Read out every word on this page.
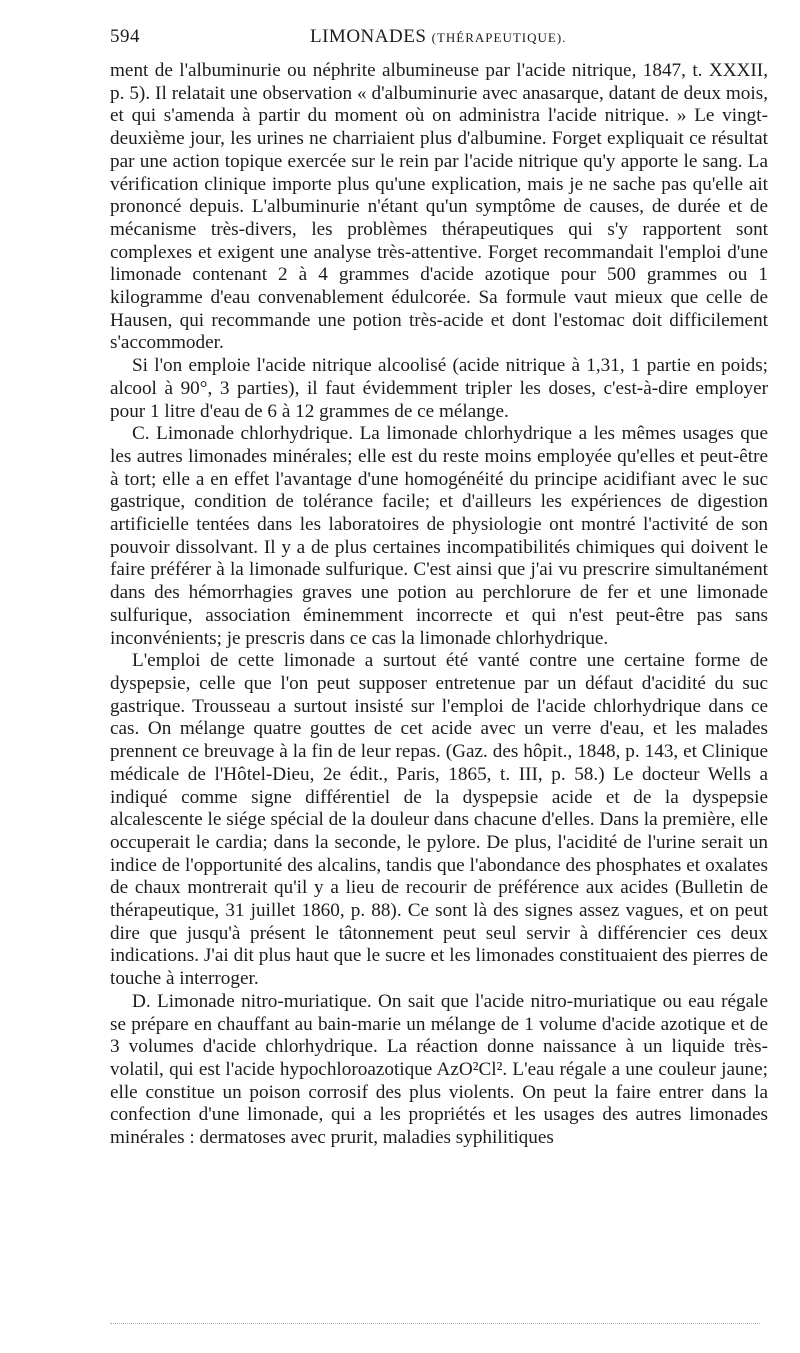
594	LIMONADES (THÉRAPEUTIQUE).

ment de l'albuminurie ou néphrite albumineuse par l'acide nitrique, 1847, t. XXXII, p. 5). Il relatait une observation « d'albuminurie avec anasarque, datant de deux mois, et qui s'amenda à partir du moment où on administra l'acide nitrique. » Le vingt-deuxième jour, les urines ne charriaient plus d'albumine. Forget expliquait ce résultat par une action topique exercée sur le rein par l'acide nitrique qu'y apporte le sang. La vérification clinique importe plus qu'une explication, mais je ne sache pas qu'elle ait prononcé depuis. L'albuminurie n'étant qu'un symptôme de causes, de durée et de mécanisme très-divers, les problèmes thérapeutiques qui s'y rapportent sont complexes et exigent une analyse très-attentive. Forget recommandait l'emploi d'une limonade contenant 2 à 4 grammes d'acide azotique pour 500 grammes ou 1 kilogramme d'eau convenablement édulcorée. Sa formule vaut mieux que celle de Hausen, qui recommande une potion très-acide et dont l'estomac doit difficilement s'accommoder.

Si l'on emploie l'acide nitrique alcoolisé (acide nitrique à 1,31, 1 partie en poids; alcool à 90°, 3 parties), il faut évidemment tripler les doses, c'est-à-dire employer pour 1 litre d'eau de 6 à 12 grammes de ce mélange.

C. Limonade chlorhydrique. La limonade chlorhydrique a les mêmes usages que les autres limonades minérales; elle est du reste moins employée qu'elles et peut-être à tort; elle a en effet l'avantage d'une homogénéité du principe acidifiant avec le suc gastrique, condition de tolérance facile; et d'ailleurs les expériences de digestion artificielle tentées dans les laboratoires de physiologie ont montré l'activité de son pouvoir dissolvant. Il y a de plus certaines incompatibilités chimiques qui doivent le faire préférer à la limonade sulfurique. C'est ainsi que j'ai vu prescrire simultanément dans des hémorrhagies graves une potion au perchlorure de fer et une limonade sulfurique, association éminemment incorrecte et qui n'est peut-être pas sans inconvénients; je prescris dans ce cas la limonade chlorhydrique.

L'emploi de cette limonade a surtout été vanté contre une certaine forme de dyspepsie, celle que l'on peut supposer entretenue par un défaut d'acidité du suc gastrique. Trousseau a surtout insisté sur l'emploi de l'acide chlorhydrique dans ce cas. On mélange quatre gouttes de cet acide avec un verre d'eau, et les malades prennent ce breuvage à la fin de leur repas. (Gaz. des hôpit., 1848, p. 143, et Clinique médicale de l'Hôtel-Dieu, 2e édit., Paris, 1865, t. III, p. 58.) Le docteur Wells a indiqué comme signe différentiel de la dyspepsie acide et de la dyspepsie alcalescente le siége spécial de la douleur dans chacune d'elles. Dans la première, elle occuperait le cardia; dans la seconde, le pylore. De plus, l'acidité de l'urine serait un indice de l'opportunité des alcalins, tandis que l'abondance des phosphates et oxalates de chaux montrerait qu'il y a lieu de recourir de préférence aux acides (Bulletin de thérapeutique, 31 juillet 1860, p. 88). Ce sont là des signes assez vagues, et on peut dire que jusqu'à présent le tâtonnement peut seul servir à différencier ces deux indications. J'ai dit plus haut que le sucre et les limonades constituaient des pierres de touche à interroger.

D. Limonade nitro-muriatique. On sait que l'acide nitro-muriatique ou eau régale se prépare en chauffant au bain-marie un mélange de 1 volume d'acide azotique et de 3 volumes d'acide chlorhydrique. La réaction donne naissance à un liquide très-volatil, qui est l'acide hypochloroazotique AzO²Cl². L'eau régale a une couleur jaune; elle constitue un poison corrosif des plus violents. On peut la faire entrer dans la confection d'une limonade, qui a les propriétés et les usages des autres limonades minérales : dermatoses avec prurit, maladies syphilitiques
